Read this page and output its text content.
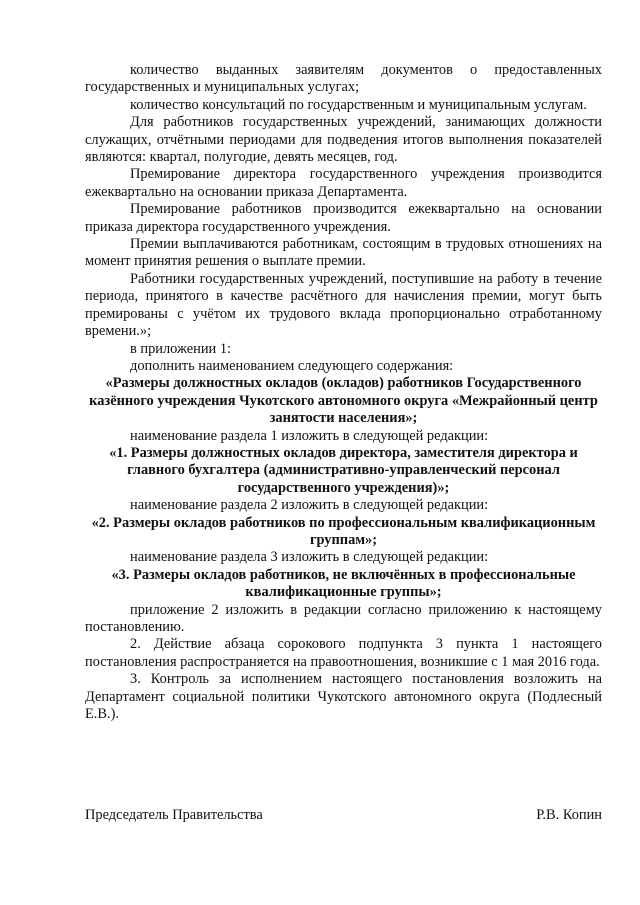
количество выданных заявителям документов о предоставленных государственных и муниципальных услугах;

количество консультаций по государственным и муниципальным услугам.

Для работников государственных учреждений, занимающих должности служащих, отчётными периодами для подведения итогов выполнения показателей являются: квартал, полугодие, девять месяцев, год.

Премирование директора государственного учреждения производится ежеквартально на основании приказа Департамента.

Премирование работников производится ежеквартально на основании приказа директора государственного учреждения.

Премии выплачиваются работникам, состоящим в трудовых отношениях на момент принятия решения о выплате премии.

Работники государственных учреждений, поступившие на работу в течение периода, принятого в качестве расчётного для начисления премии, могут быть премированы с учётом их трудового вклада пропорционально отработанному времени.»;

в приложении 1:

дополнить наименованием следующего содержания:

«Размеры должностных окладов (окладов) работников Государственного казённого учреждения Чукотского автономного округа «Межрайонный центр занятости населения»;

наименование раздела 1 изложить в следующей редакции:

«1. Размеры должностных окладов директора, заместителя директора и главного бухгалтера (административно-управленческий персонал государственного учреждения)»;

наименование раздела 2 изложить в следующей редакции:

«2. Размеры окладов работников по профессиональным квалификационным группам»;

наименование раздела 3 изложить в следующей редакции:

«3. Размеры окладов работников, не включённых в профессиональные квалификационные группы»;

приложение 2 изложить в редакции согласно приложению к настоящему постановлению.

2. Действие абзаца сорокового подпункта 3 пункта 1 настоящего постановления распространяется на правоотношения, возникшие с 1 мая 2016 года.

3. Контроль за исполнением настоящего постановления возложить на Департамент социальной политики Чукотского автономного округа (Подлесный Е.В.).

Председатель Правительства	Р.В. Копин
